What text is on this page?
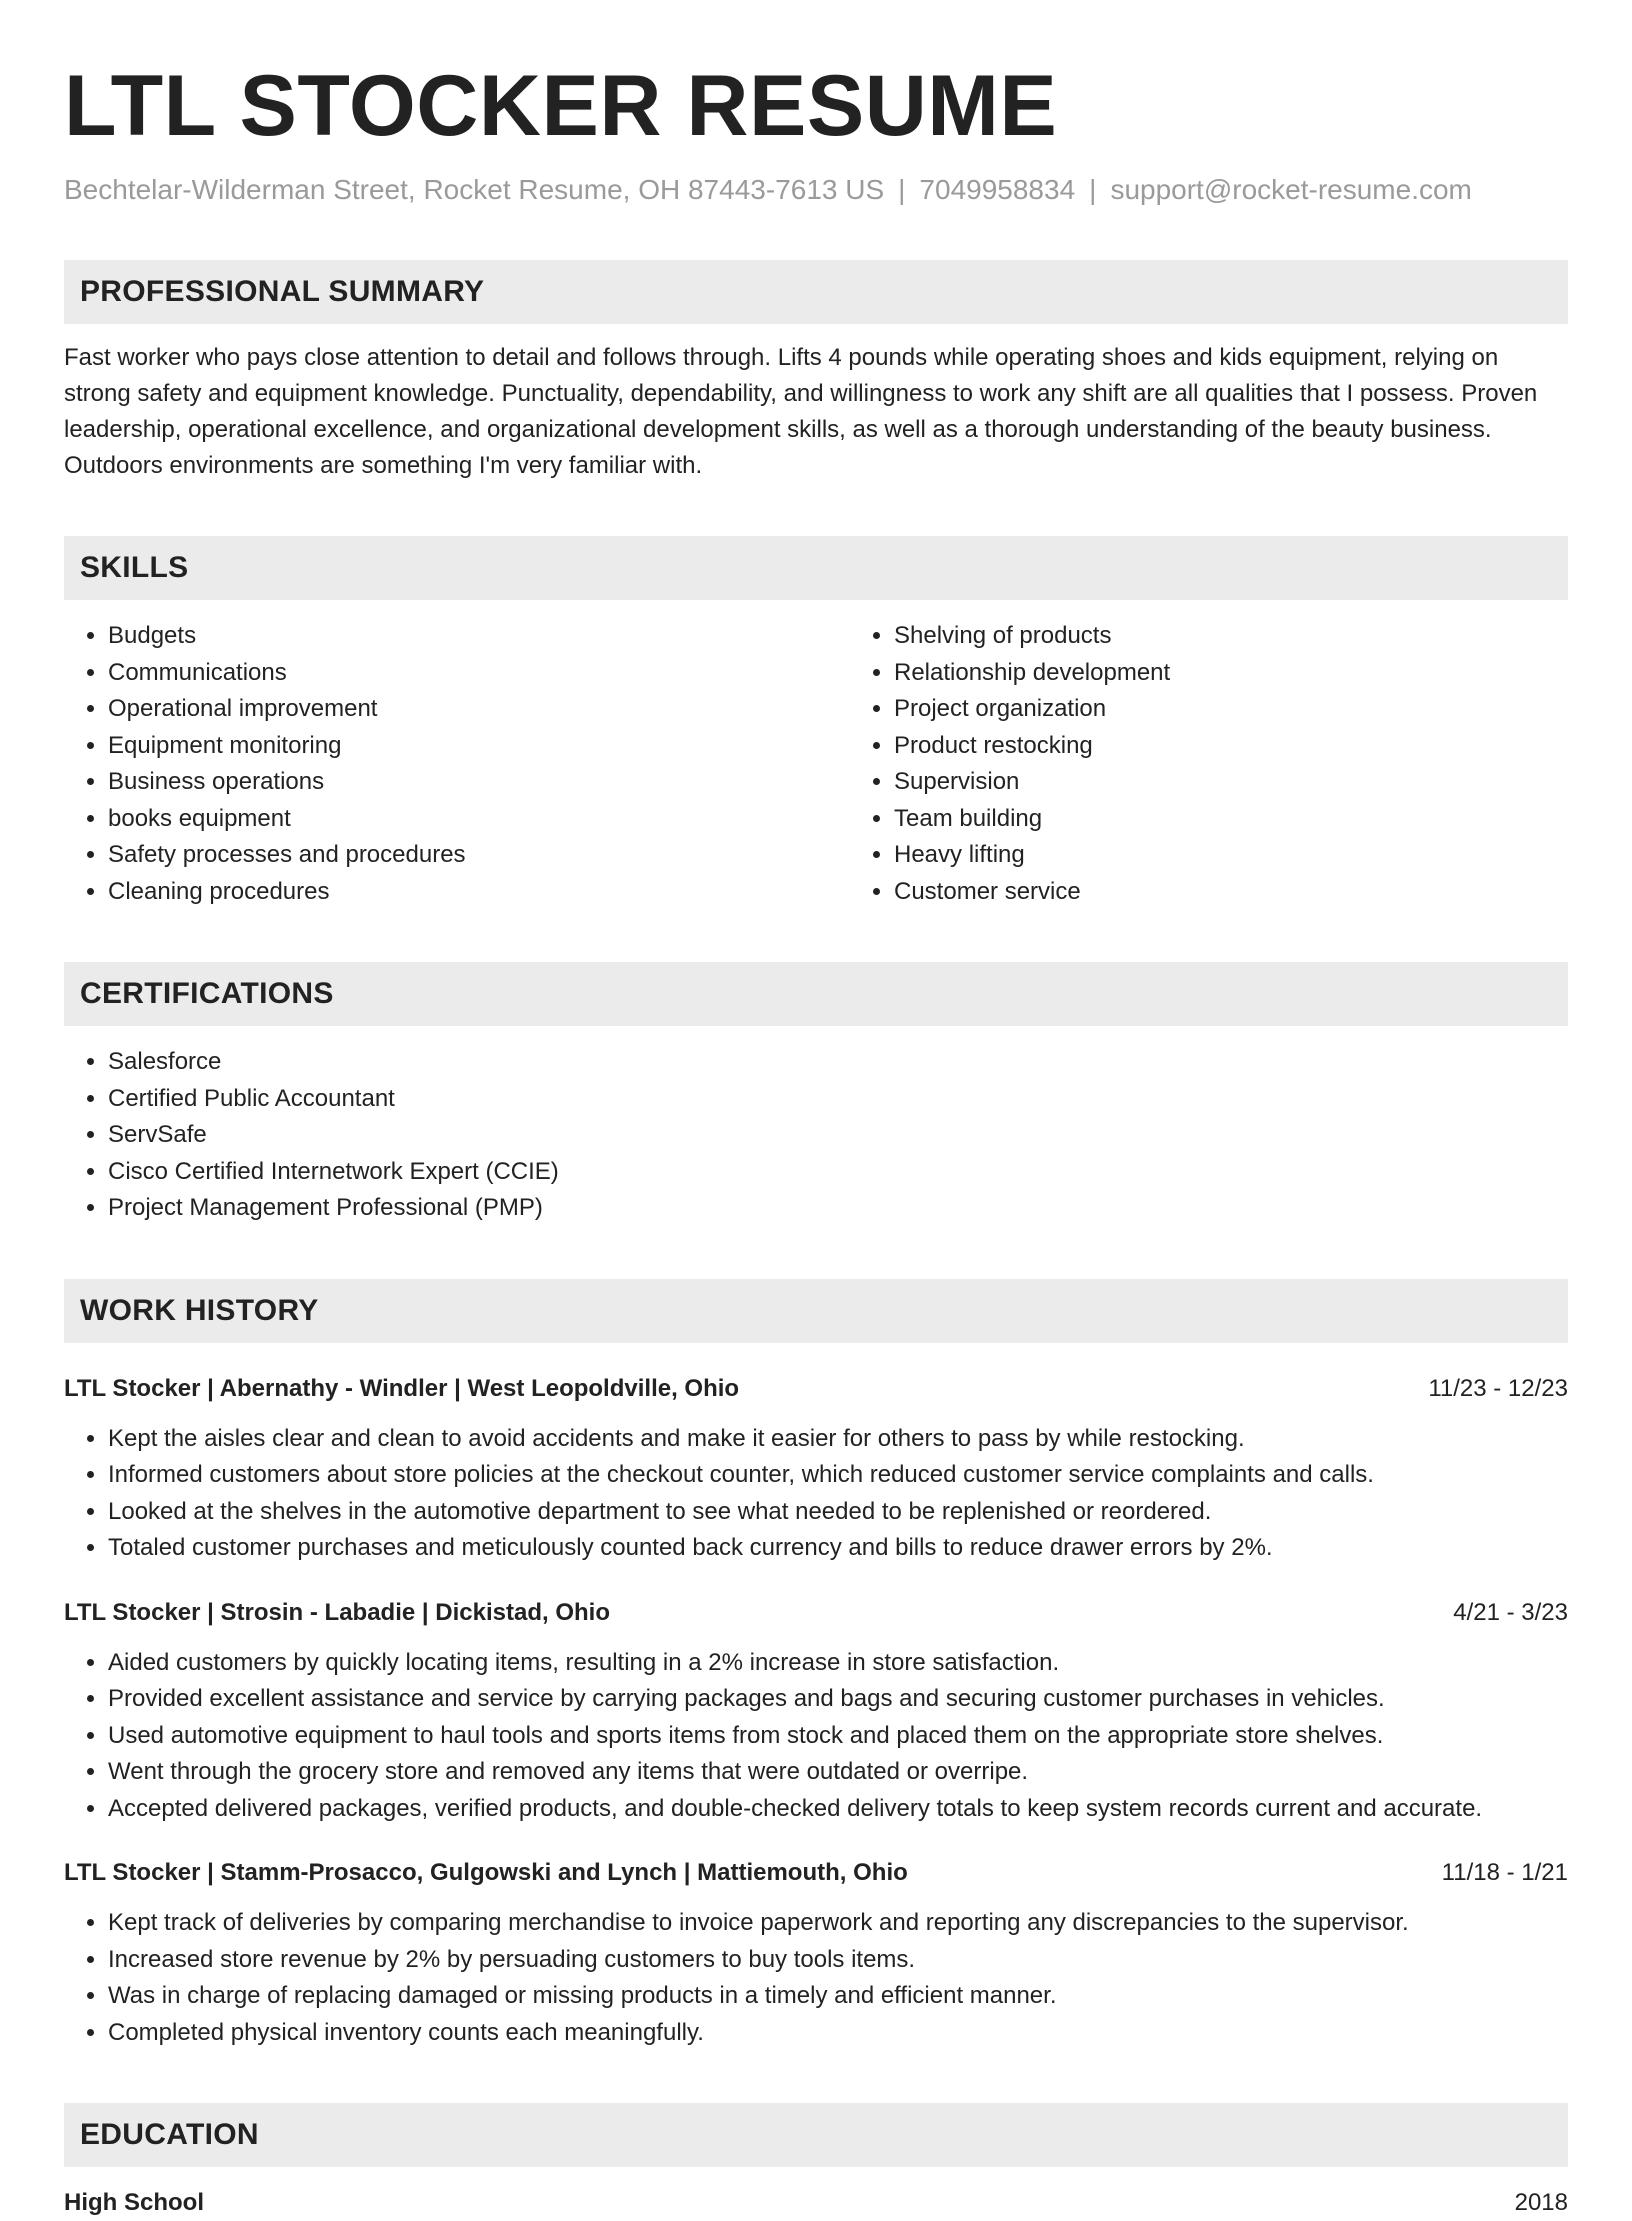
LTL STOCKER RESUME
Bechtelar-Wilderman Street, Rocket Resume, OH 87443-7613 US | 7049958834 | support@rocket-resume.com
PROFESSIONAL SUMMARY

Fast worker who pays close attention to detail and follows through. Lifts 4 pounds while operating shoes and kids equipment, relying on strong safety and equipment knowledge. Punctuality, dependability, and willingness to work any shift are all qualities that I possess. Proven leadership, operational excellence, and organizational development skills, as well as a thorough understanding of the beauty business. Outdoors environments are something I'm very familiar with.

SKILLS
• Budgets
• Communications
• Operational improvement
• Equipment monitoring
• Business operations
• books equipment
• Safety processes and procedures
• Cleaning procedures
• Shelving of products
• Relationship development
• Project organization
• Product restocking
• Supervision
• Team building
• Heavy lifting
• Customer service
CERTIFICATIONS
• Salesforce
• Certified Public Accountant
• ServSafe
• Cisco Certified Internetwork Expert (CCIE)
• Project Management Professional (PMP)
WORK HISTORY
LTL Stocker | Abernathy - Windler | West Leopoldville, Ohio	11/23 - 12/23
• Kept the aisles clear and clean to avoid accidents and make it easier for others to pass by while restocking.
• Informed customers about store policies at the checkout counter, which reduced customer service complaints and calls.
• Looked at the shelves in the automotive department to see what needed to be replenished or reordered.
• Totaled customer purchases and meticulously counted back currency and bills to reduce drawer errors by 2%.
LTL Stocker | Strosin - Labadie | Dickistad, Ohio	4/21 - 3/23
• Aided customers by quickly locating items, resulting in a 2% increase in store satisfaction.
• Provided excellent assistance and service by carrying packages and bags and securing customer purchases in vehicles.
• Used automotive equipment to haul tools and sports items from stock and placed them on the appropriate store shelves.
• Went through the grocery store and removed any items that were outdated or overripe.
• Accepted delivered packages, verified products, and double-checked delivery totals to keep system records current and accurate.
LTL Stocker | Stamm-Prosacco, Gulgowski and Lynch | Mattiemouth, Ohio	11/18 - 1/21
• Kept track of deliveries by comparing merchandise to invoice paperwork and reporting any discrepancies to the supervisor.
• Increased store revenue by 2% by persuading customers to buy tools items.
• Was in charge of replacing damaged or missing products in a timely and efficient manner.
• Completed physical inventory counts each meaningfully.
EDUCATION
High School	2018
